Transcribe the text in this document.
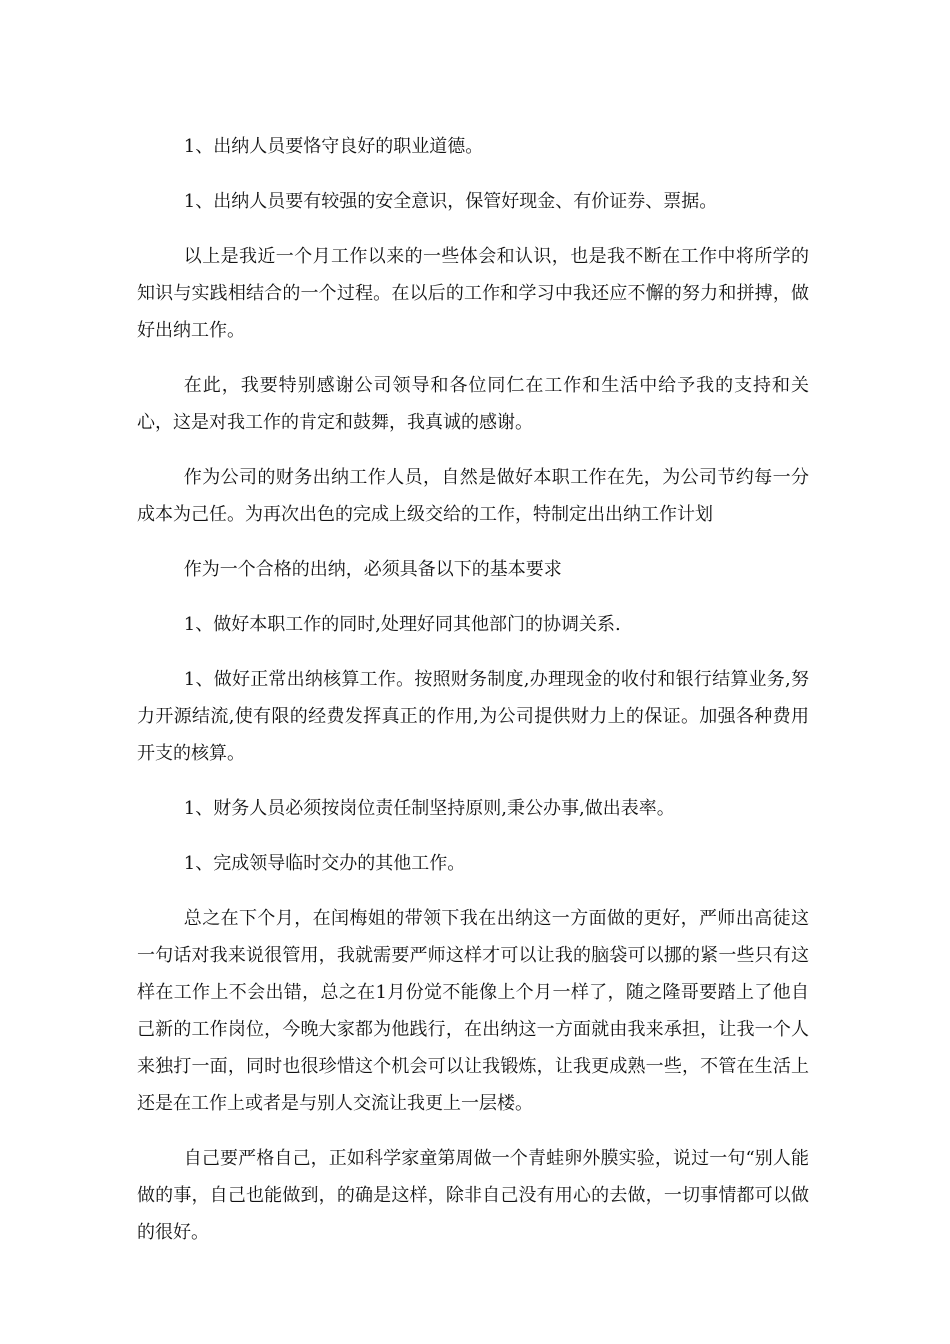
1、出纳人员要恪守良好的职业道德。

1、出纳人员要有较强的安全意识，保管好现金、有价证券、票据。

以上是我近一个月工作以来的一些体会和认识，也是我不断在工作中将所学的知识与实践相结合的一个过程。在以后的工作和学习中我还应不懈的努力和拼搏，做好出纳工作。

在此，我要特别感谢公司领导和各位同仁在工作和生活中给予我的支持和关心，这是对我工作的肯定和鼓舞，我真诚的感谢。

作为公司的财务出纳工作人员，自然是做好本职工作在先，为公司节约每一分成本为己任。为再次出色的完成上级交给的工作，特制定出出纳工作计划

作为一个合格的出纳，必须具备以下的基本要求

1、做好本职工作的同时,处理好同其他部门的协调关系.

1、做好正常出纳核算工作。按照财务制度,办理现金的收付和银行结算业务,努力开源结流,使有限的经费发挥真正的作用,为公司提供财力上的保证。加强各种费用开支的核算。

1、财务人员必须按岗位责任制坚持原则,秉公办事,做出表率。

1、完成领导临时交办的其他工作。

总之在下个月，在闰梅姐的带领下我在出纳这一方面做的更好，严师出高徒这一句话对我来说很管用，我就需要严师这样才可以让我的脑袋可以挪的紧一些只有这样在工作上不会出错，总之在1月份觉不能像上个月一样了，随之隆哥要踏上了他自己新的工作岗位，今晚大家都为他践行，在出纳这一方面就由我来承担，让我一个人来独打一面，同时也很珍惜这个机会可以让我锻炼，让我更成熟一些，不管在生活上还是在工作上或者是与别人交流让我更上一层楼。

自己要严格自己，正如科学家童第周做一个青蛙卵外膜实验，说过一句“别人能做的事，自己也能做到，的确是这样，除非自己没有用心的去做，一切事情都可以做的很好。
